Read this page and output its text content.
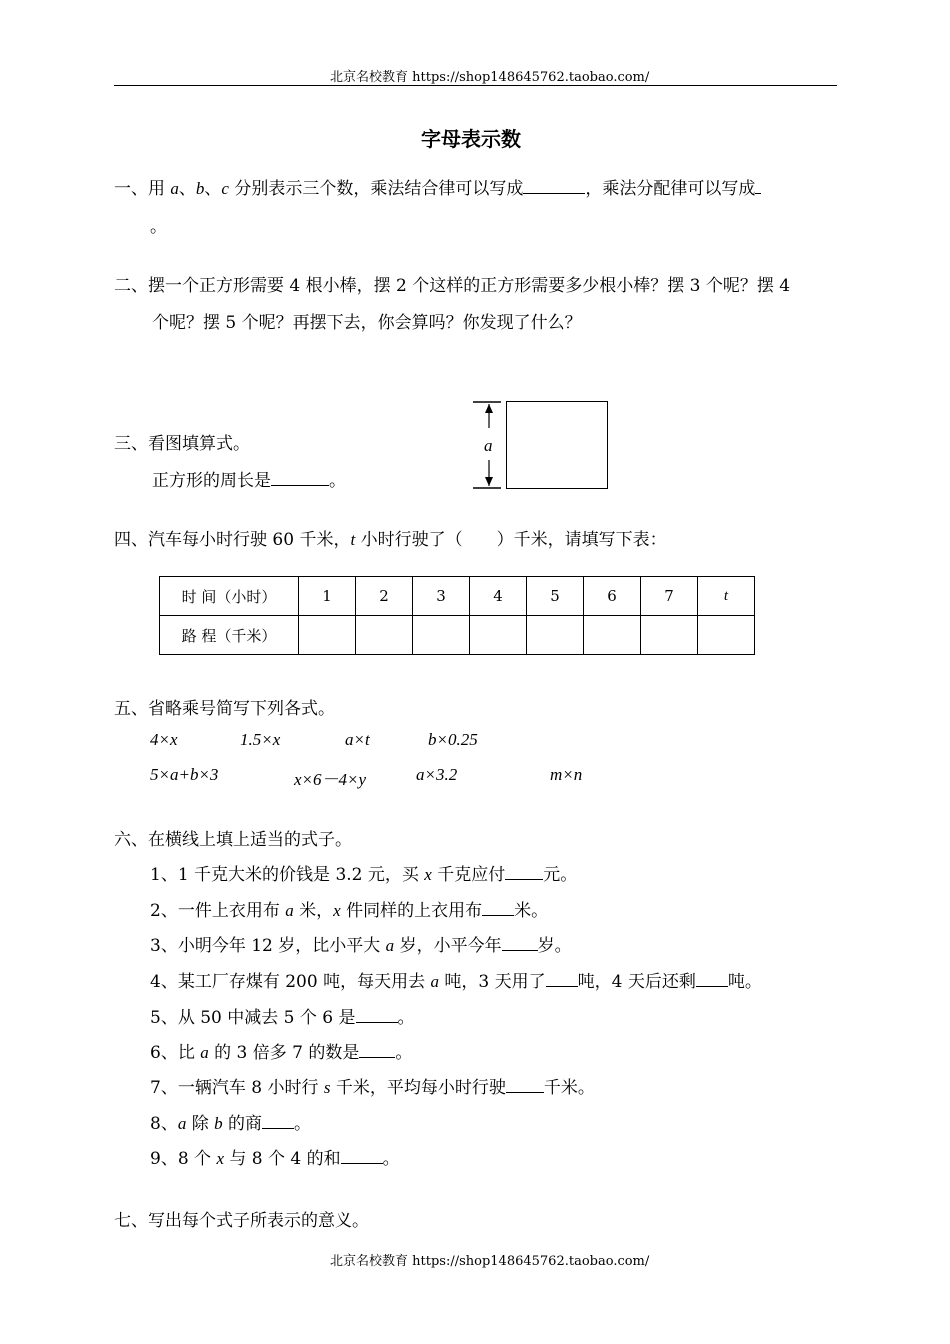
北京名校教育 https://shop148645762.taobao.com/
字母表示数
一、用 a、b、c 分别表示三个数，乘法结合律可以写成	，乘法分配律可以写成
。
二、摆一个正方形需要 4 根小棒，摆 2 个这样的正方形需要多少根小棒？摆 3 个呢？摆 4
个呢？摆 5 个呢？再摆下去，你会算吗？你发现了什么？
三、看图填算式。
正方形的周长是	。
a
四、汽车每小时行驶 60 千米，t 小时行驶了（　　）千米，请填写下表：
时 间（小时）	1	2	3	4	5	6	7	t
路 程（千米）								
五、省略乘号简写下列各式。
4×x	1.5×x	a×t	b×0.25
5×a+b×3	x×6－4×y	a×3.2	m×n
六、在横线上填上适当的式子。
1、1 千克大米的价钱是 3.2 元，买 x 千克应付 元。
2、一件上衣用布 a 米，x 件同样的上衣用布 米。
3、小明今年 12 岁，比小平大 a 岁，小平今年 岁。
4、某工厂存煤有 200 吨，每天用去 a 吨，3 天用了 吨，4 天后还剩 吨。
5、从 50 中减去 5 个 6 是 。
6、比 a 的 3 倍多 7 的数是 。
7、一辆汽车 8 小时行 s 千米，平均每小时行驶 千米。
8、a 除 b 的商 。
9、8 个 x 与 8 个 4 的和 。
七、写出每个式子所表示的意义。
北京名校教育 https://shop148645762.taobao.com/
